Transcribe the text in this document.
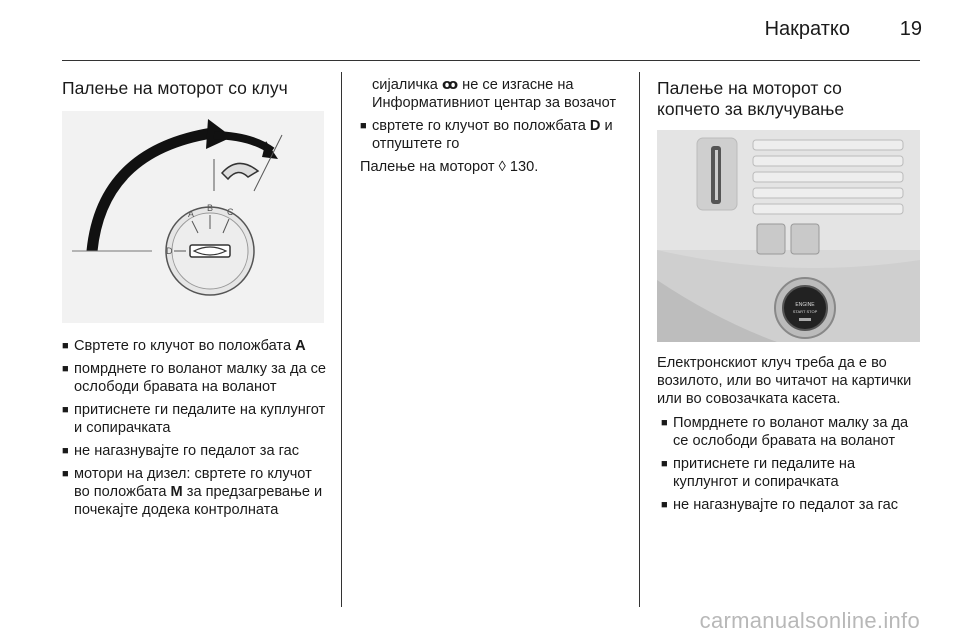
Накратко 19
Палење на моторот со клуч
A
B C
D
■ Свртете го клучот во положбата A
■ помрднете го воланот малку за да се ослободи бравата на воланот
■ притиснете ги педалите на куплунгот и сопирачката
■ не нагазнувајте го педалот за гас
■ мотори на дизел: свртете го клучот во положбата M за предзагревање и почекајте додека контролната
сијаличка ꝏ не се изгасне на Информативниот центар за возачот
■ свртете го клучот во положбата D и отпуштете го
Палење на моторот ◊ 130.
Палење на моторот со
копчето за вклучување
ENGINE
START STOP
Електронскиот клуч треба да е во возилото, или во читачот на картички или во совозачката касета.
■ Помрднете го воланот малку за да се ослободи бравата на воланот
■ притиснете ги педалите на куплунгот и сопирачката
■ не нагазнувајте го педалот за гас
carmanualsonline.info
